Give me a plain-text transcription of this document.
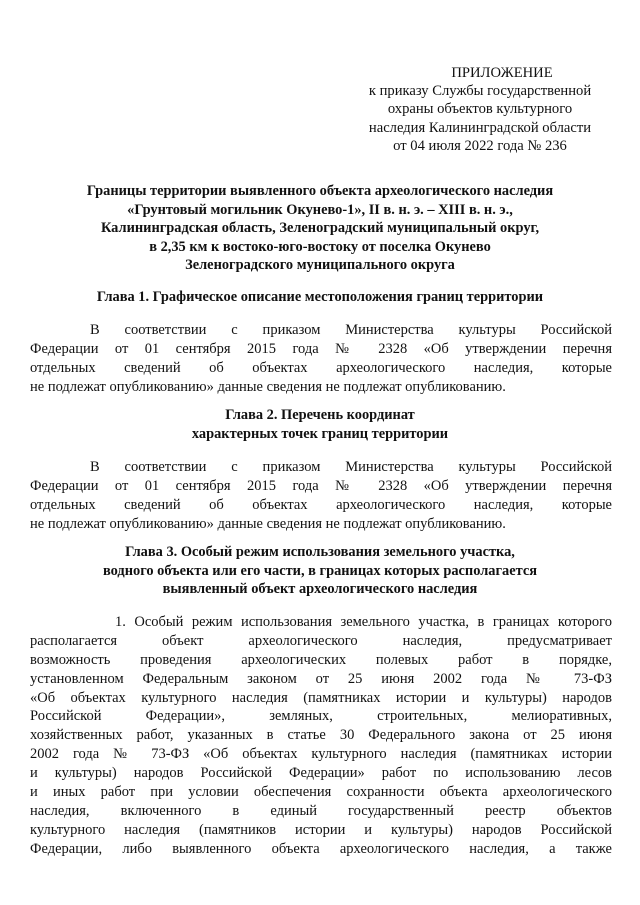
ПРИЛОЖЕНИЕ
к приказу Службы государственной
охраны объектов культурного
наследия Калининградской области
от 04 июля 2022 года № 236
Границы территории выявленного объекта археологического наследия
«Грунтовый могильник Окунево-1», II в. н. э. – XIII в. н. э.,
Калининградская область, Зеленоградский муниципальный округ,
в 2,35 км к востоко-юго-востоку от поселка Окунево
Зеленоградского муниципального округа
Глава 1. Графическое описание местоположения границ территории
В соответствии с приказом Министерства культуры Российской
Федерации от 01 сентября 2015 года № 2328 «Об утверждении перечня
отдельных сведений об объектах археологического наследия, которые
не подлежат опубликованию» данные сведения не подлежат опубликованию.
Глава 2. Перечень координат
характерных точек границ территории
В соответствии с приказом Министерства культуры Российской
Федерации от 01 сентября 2015 года № 2328 «Об утверждении перечня
отдельных сведений об объектах археологического наследия, которые
не подлежат опубликованию» данные сведения не подлежат опубликованию.
Глава 3. Особый режим использования земельного участка,
водного объекта или его части, в границах которых располагается
выявленный объект археологического наследия
1. Особый режим использования земельного участка, в границах которого
располагается объект археологического наследия, предусматривает
возможность проведения археологических полевых работ в порядке,
установленном Федеральным законом от 25 июня 2002 года № 73-ФЗ
«Об объектах культурного наследия (памятниках истории и культуры) народов
Российской Федерации», земляных, строительных, мелиоративных,
хозяйственных работ, указанных в статье 30 Федерального закона от 25 июня
2002 года № 73-ФЗ «Об объектах культурного наследия (памятниках истории
и культуры) народов Российской Федерации» работ по использованию лесов
и иных работ при условии обеспечения сохранности объекта археологического
наследия, включенного в единый государственный реестр объектов
культурного наследия (памятников истории и культуры) народов Российской
Федерации, либо выявленного объекта археологического наследия, а также
